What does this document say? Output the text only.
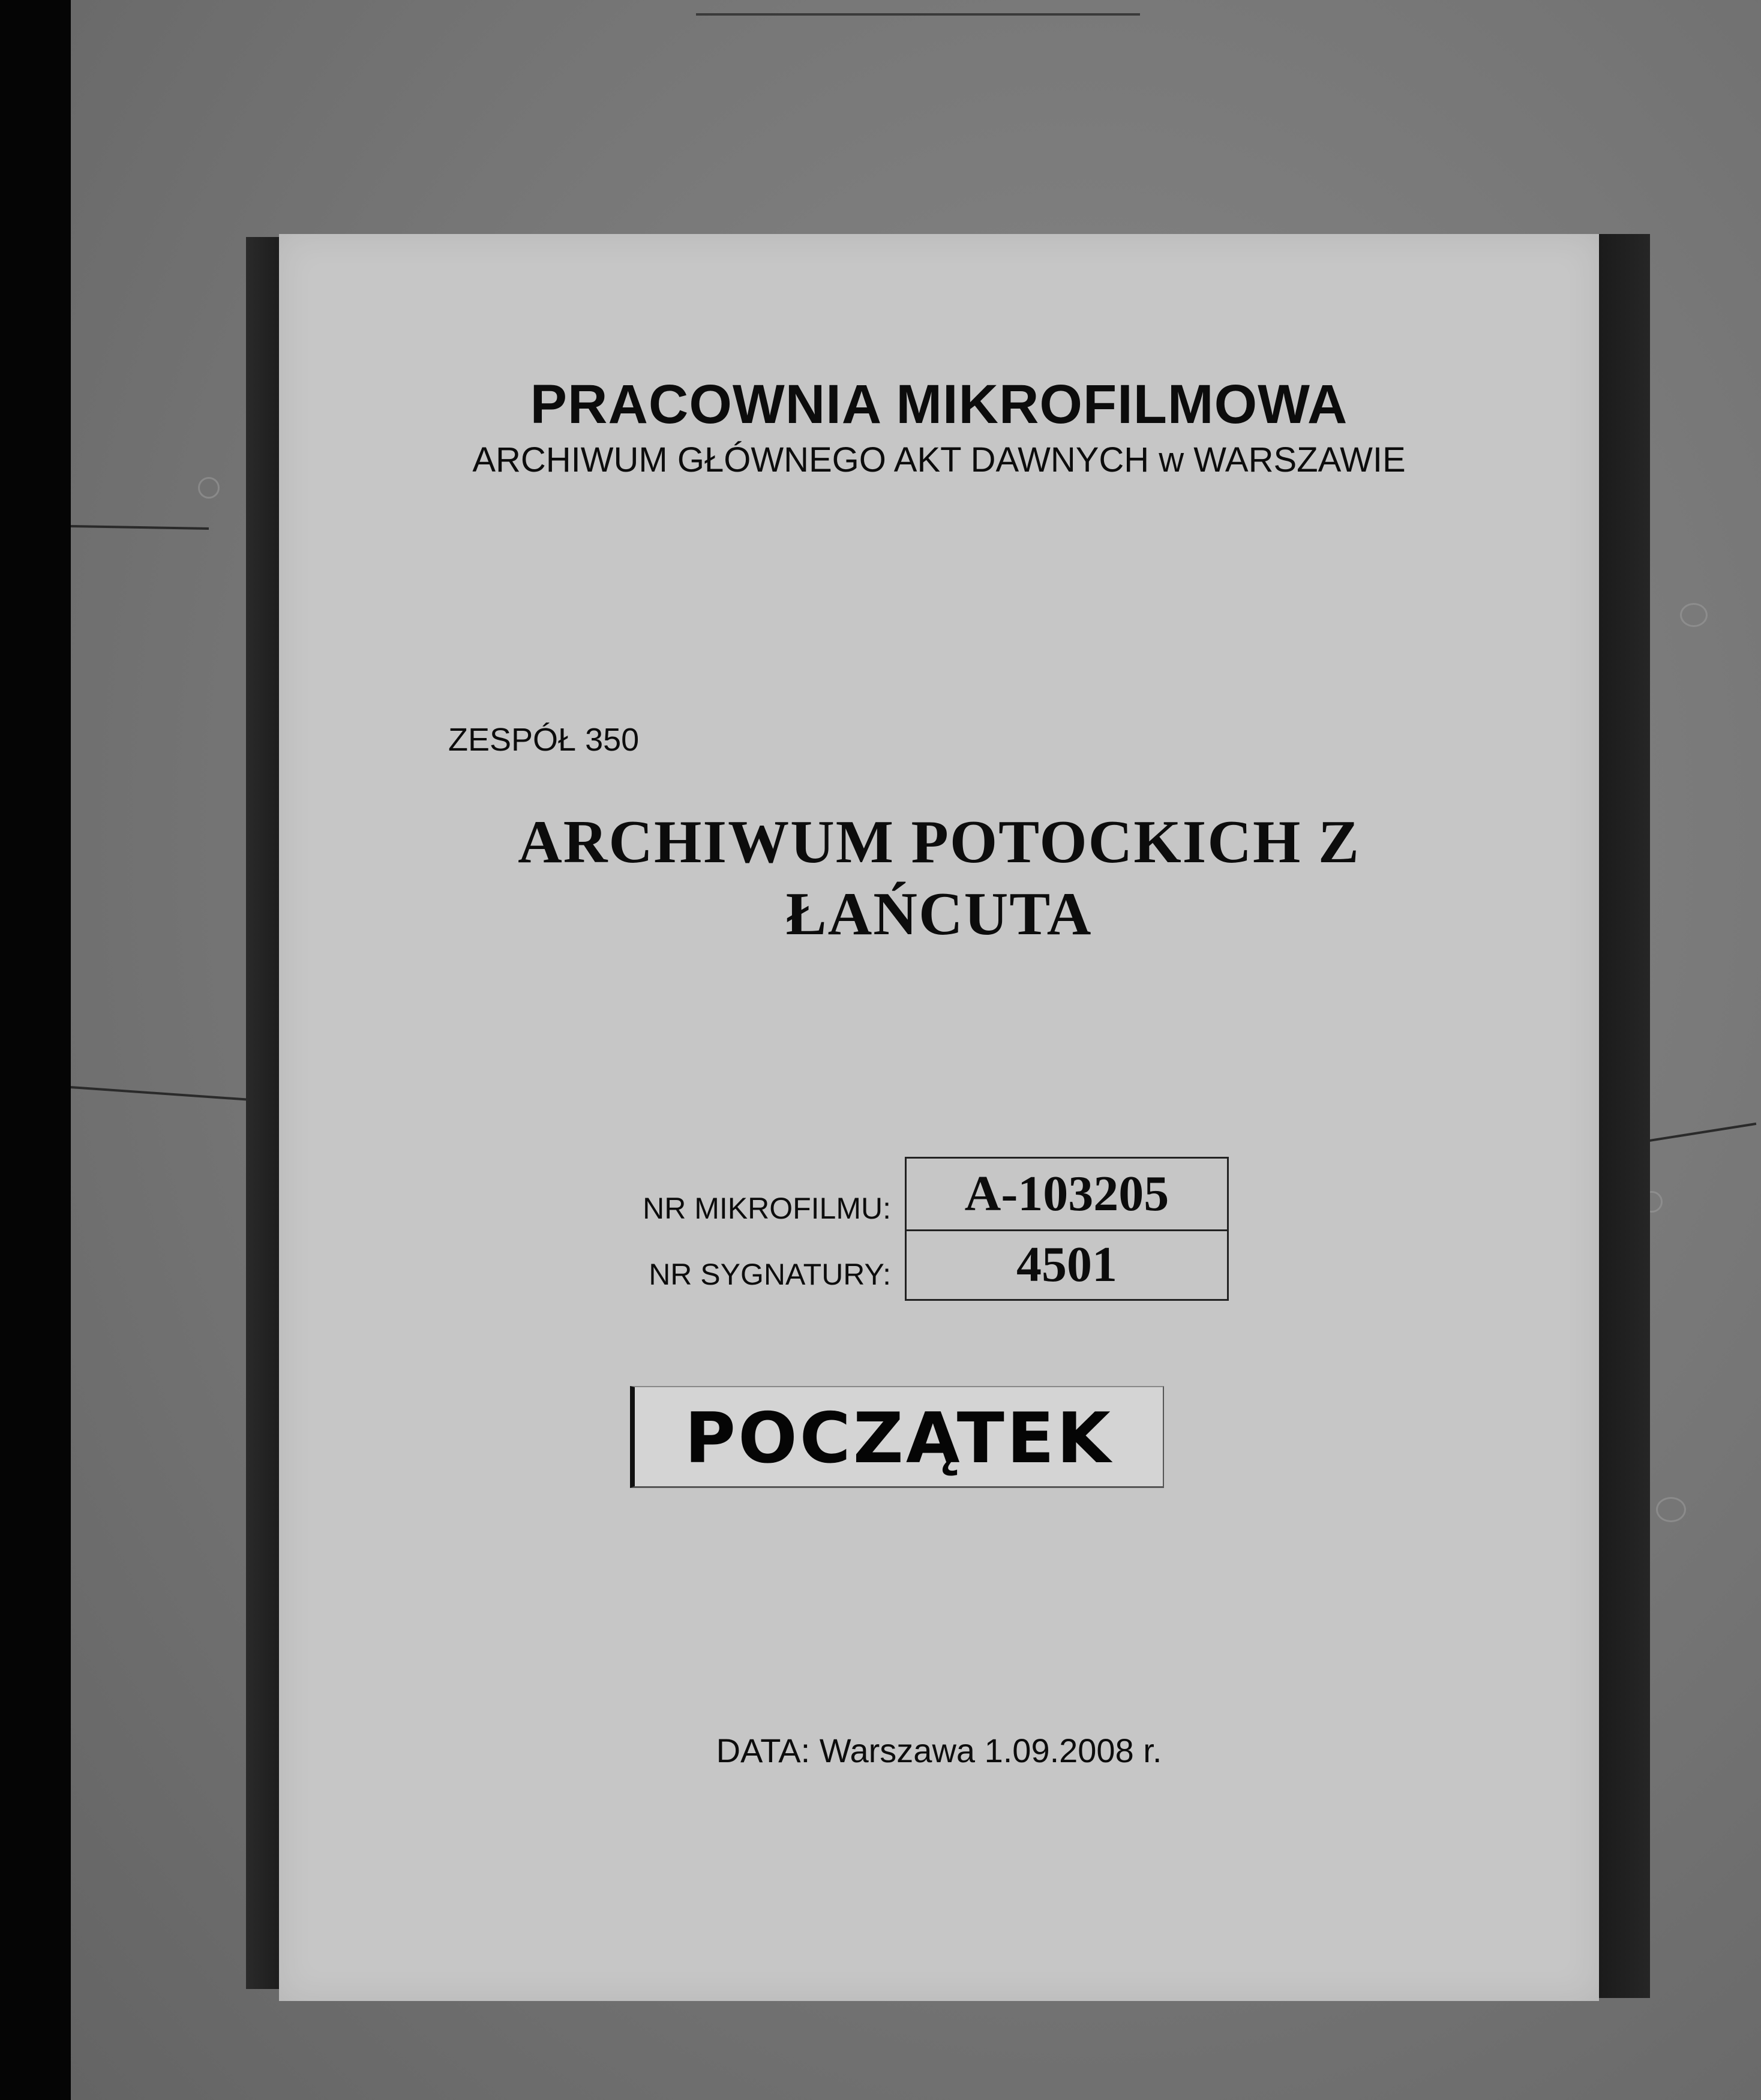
PRACOWNIA MIKROFILMOWA
ARCHIWUM GŁÓWNEGO AKT DAWNYCH w WARSZAWIE
ZESPÓŁ 350
ARCHIWUM POTOCKICH Z
ŁAŃCUTA
NR MIKROFILMU:
NR SYGNATURY:
A-103205
4501
POCZĄTEK
DATA: Warszawa 1.09.2008 r.
